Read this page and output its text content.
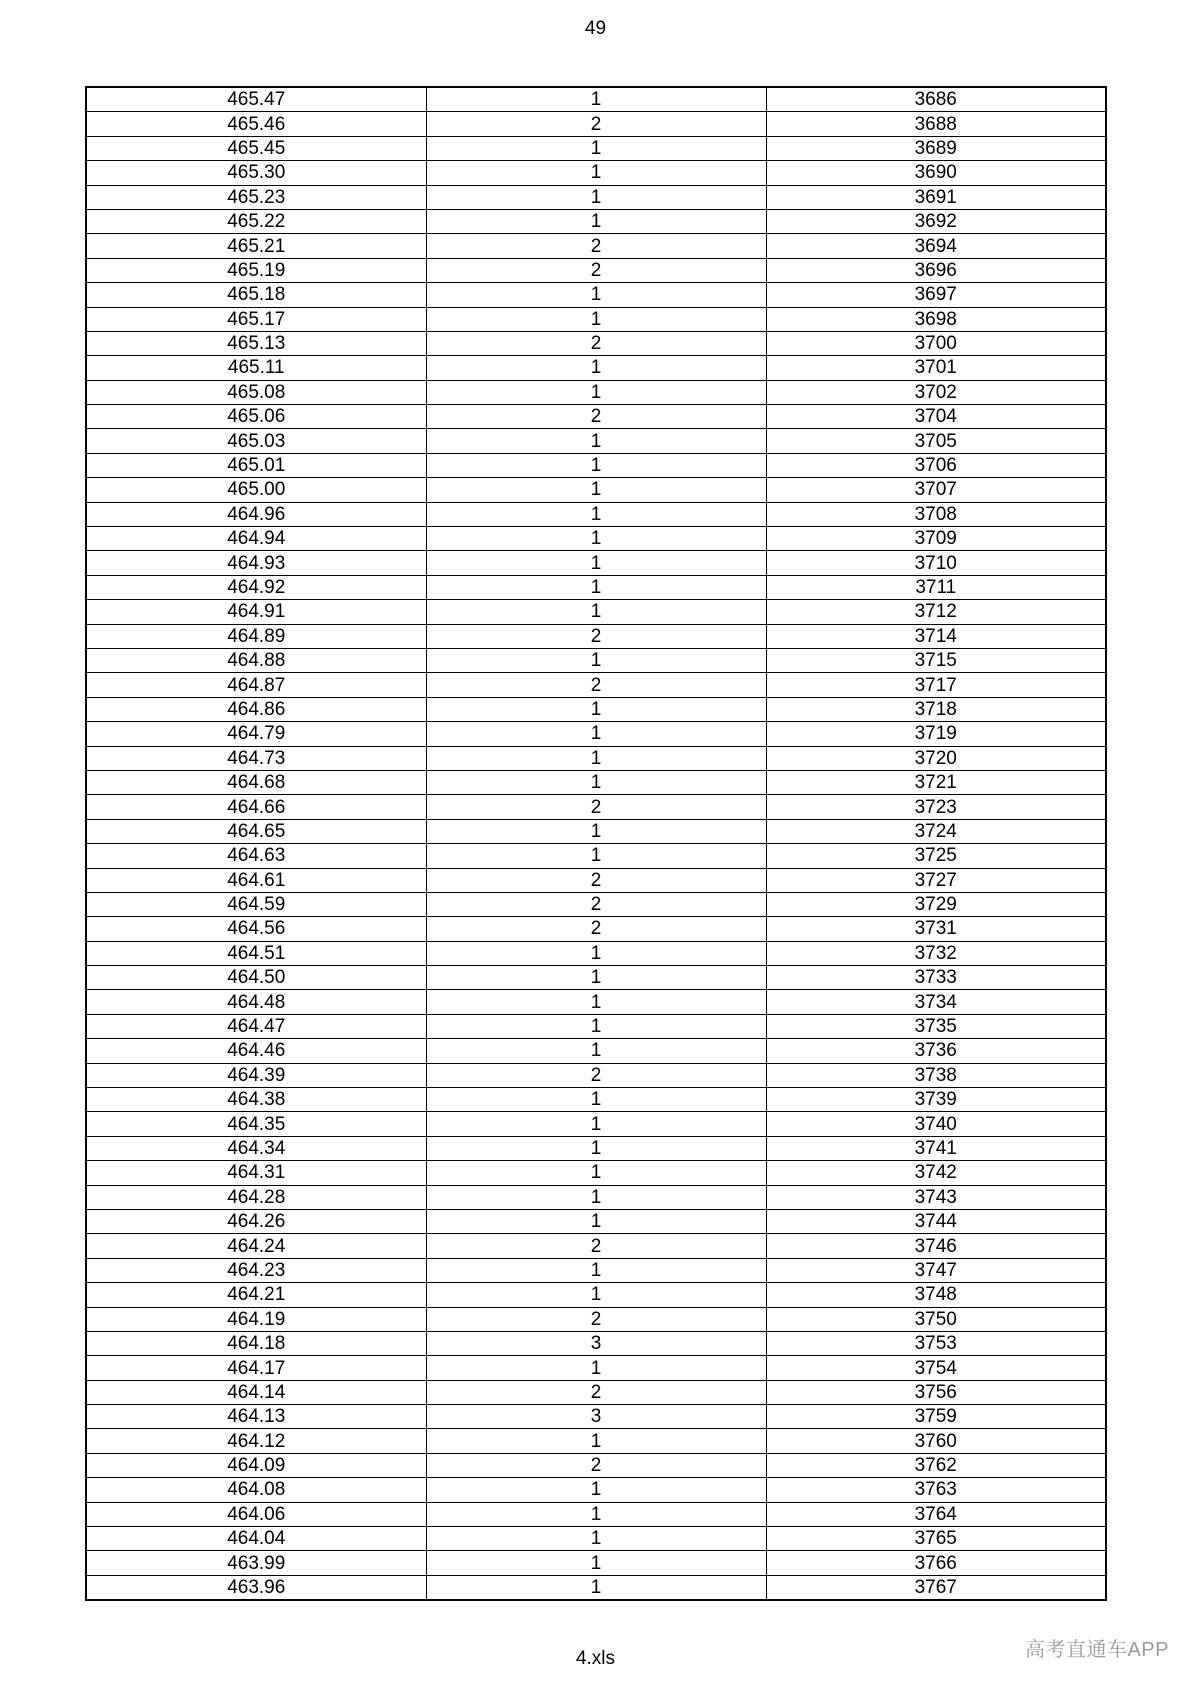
49
465.47	1	3686
465.46	2	3688
465.45	1	3689
465.30	1	3690
465.23	1	3691
465.22	1	3692
465.21	2	3694
465.19	2	3696
465.18	1	3697
465.17	1	3698
465.13	2	3700
465.11	1	3701
465.08	1	3702
465.06	2	3704
465.03	1	3705
465.01	1	3706
465.00	1	3707
464.96	1	3708
464.94	1	3709
464.93	1	3710
464.92	1	3711
464.91	1	3712
464.89	2	3714
464.88	1	3715
464.87	2	3717
464.86	1	3718
464.79	1	3719
464.73	1	3720
464.68	1	3721
464.66	2	3723
464.65	1	3724
464.63	1	3725
464.61	2	3727
464.59	2	3729
464.56	2	3731
464.51	1	3732
464.50	1	3733
464.48	1	3734
464.47	1	3735
464.46	1	3736
464.39	2	3738
464.38	1	3739
464.35	1	3740
464.34	1	3741
464.31	1	3742
464.28	1	3743
464.26	1	3744
464.24	2	3746
464.23	1	3747
464.21	1	3748
464.19	2	3750
464.18	3	3753
464.17	1	3754
464.14	2	3756
464.13	3	3759
464.12	1	3760
464.09	2	3762
464.08	1	3763
464.06	1	3764
464.04	1	3765
463.99	1	3766
463.96	1	3767
4.xls	高考直通车APP
